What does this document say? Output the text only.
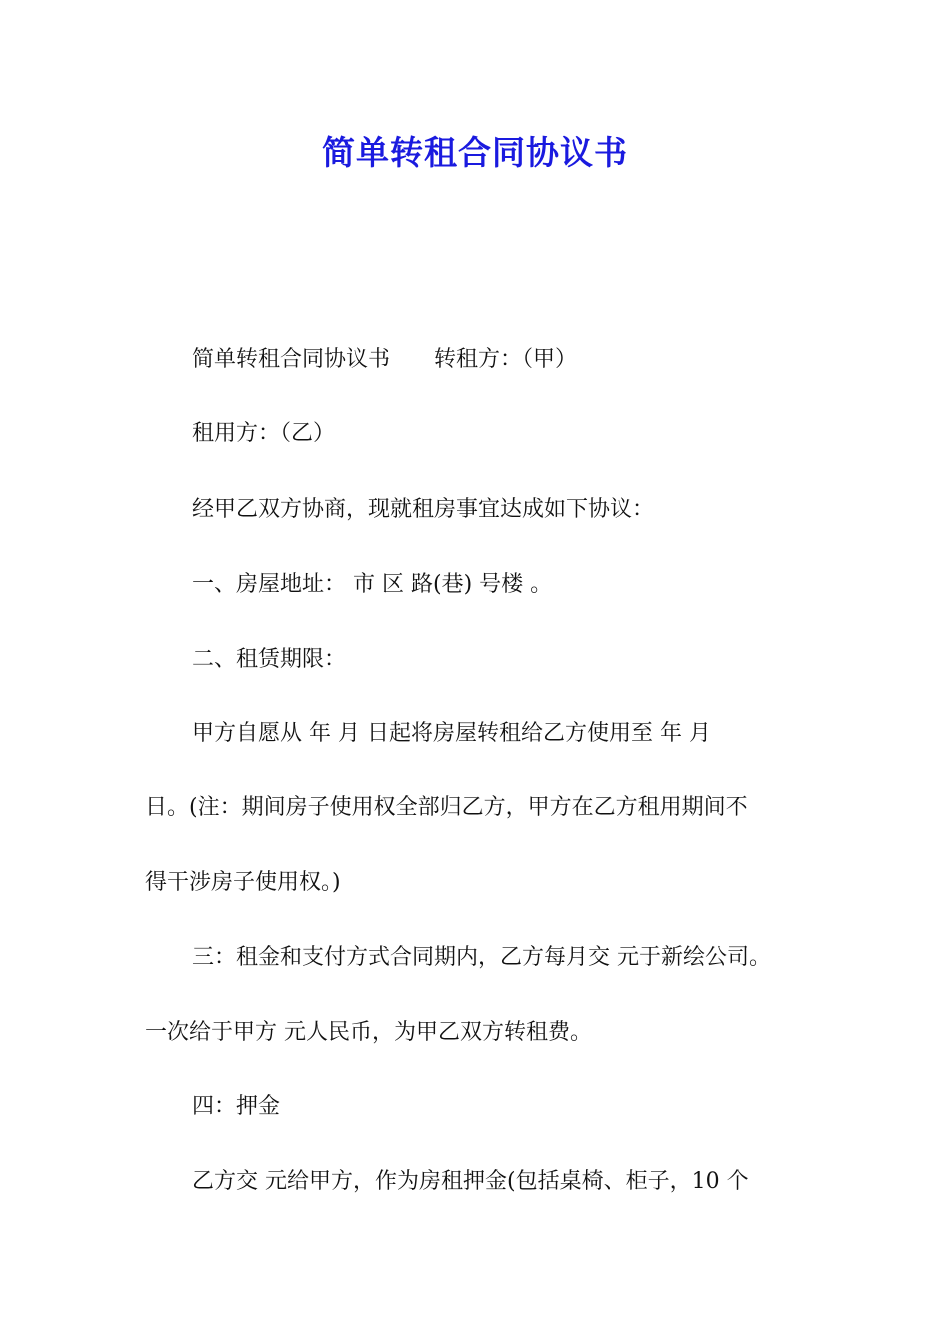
简单转租合同协议书
简单转租合同协议书 转租方：（甲）
租用方：（乙）
经甲乙双方协商，现就租房事宜达成如下协议：
一、房屋地址： 市 区 路(巷) 号楼 。
二、租赁期限：
甲方自愿从 年 月 日起将房屋转租给乙方使用至 年 月
日。(注：期间房子使用权全部归乙方，甲方在乙方租用期间不
得干涉房子使用权。)
三：租金和支付方式合同期内，乙方每月交 元于新绘公司。
一次给于甲方 元人民币，为甲乙双方转租费。
四：押金
乙方交 元给甲方，作为房租押金(包括桌椅、柜子，10 个
